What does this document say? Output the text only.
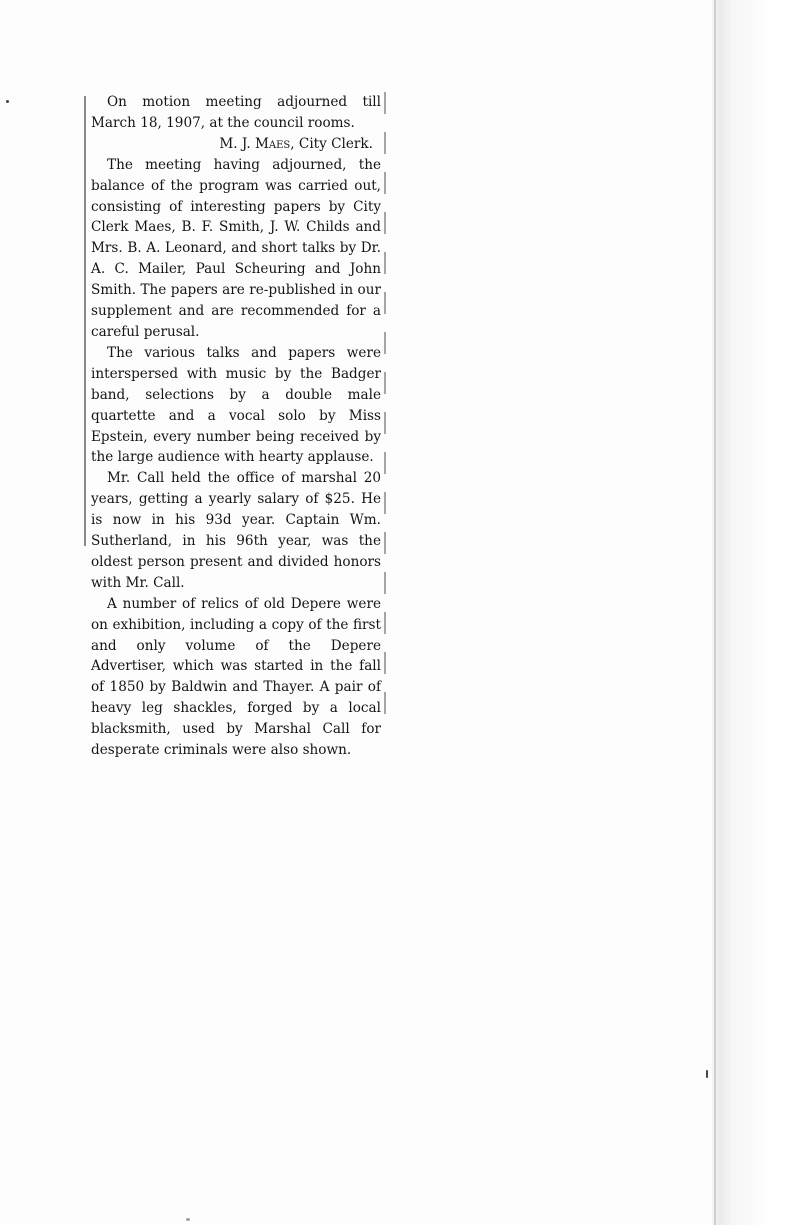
On motion meeting adjourned till March 18, 1907, at the council rooms.

M. J. Maes, City Clerk.

The meeting having adjourned, the balance of the program was carried out, consisting of interesting papers by City Clerk Maes, B. F. Smith, J. W. Childs and Mrs. B. A. Leonard, and short talks by Dr. A. C. Mailer, Paul Scheuring and John Smith. The papers are re-published in our supplement and are recommended for a careful perusal.

The various talks and papers were interspersed with music by the Badger band, selections by a double male quartette and a vocal solo by Miss Epstein, every number being received by the large audience with hearty applause.

Mr. Call held the office of marshal 20 years, getting a yearly salary of $25. He is now in his 93d year. Captain Wm. Sutherland, in his 96th year, was the oldest person present and divided honors with Mr. Call.

A number of relics of old Depere were on exhibition, including a copy of the first and only volume of the Depere Advertiser, which was started in the fall of 1850 by Baldwin and Thayer. A pair of heavy leg shackles, forged by a local blacksmith, used by Marshal Call for desperate criminals were also shown.
